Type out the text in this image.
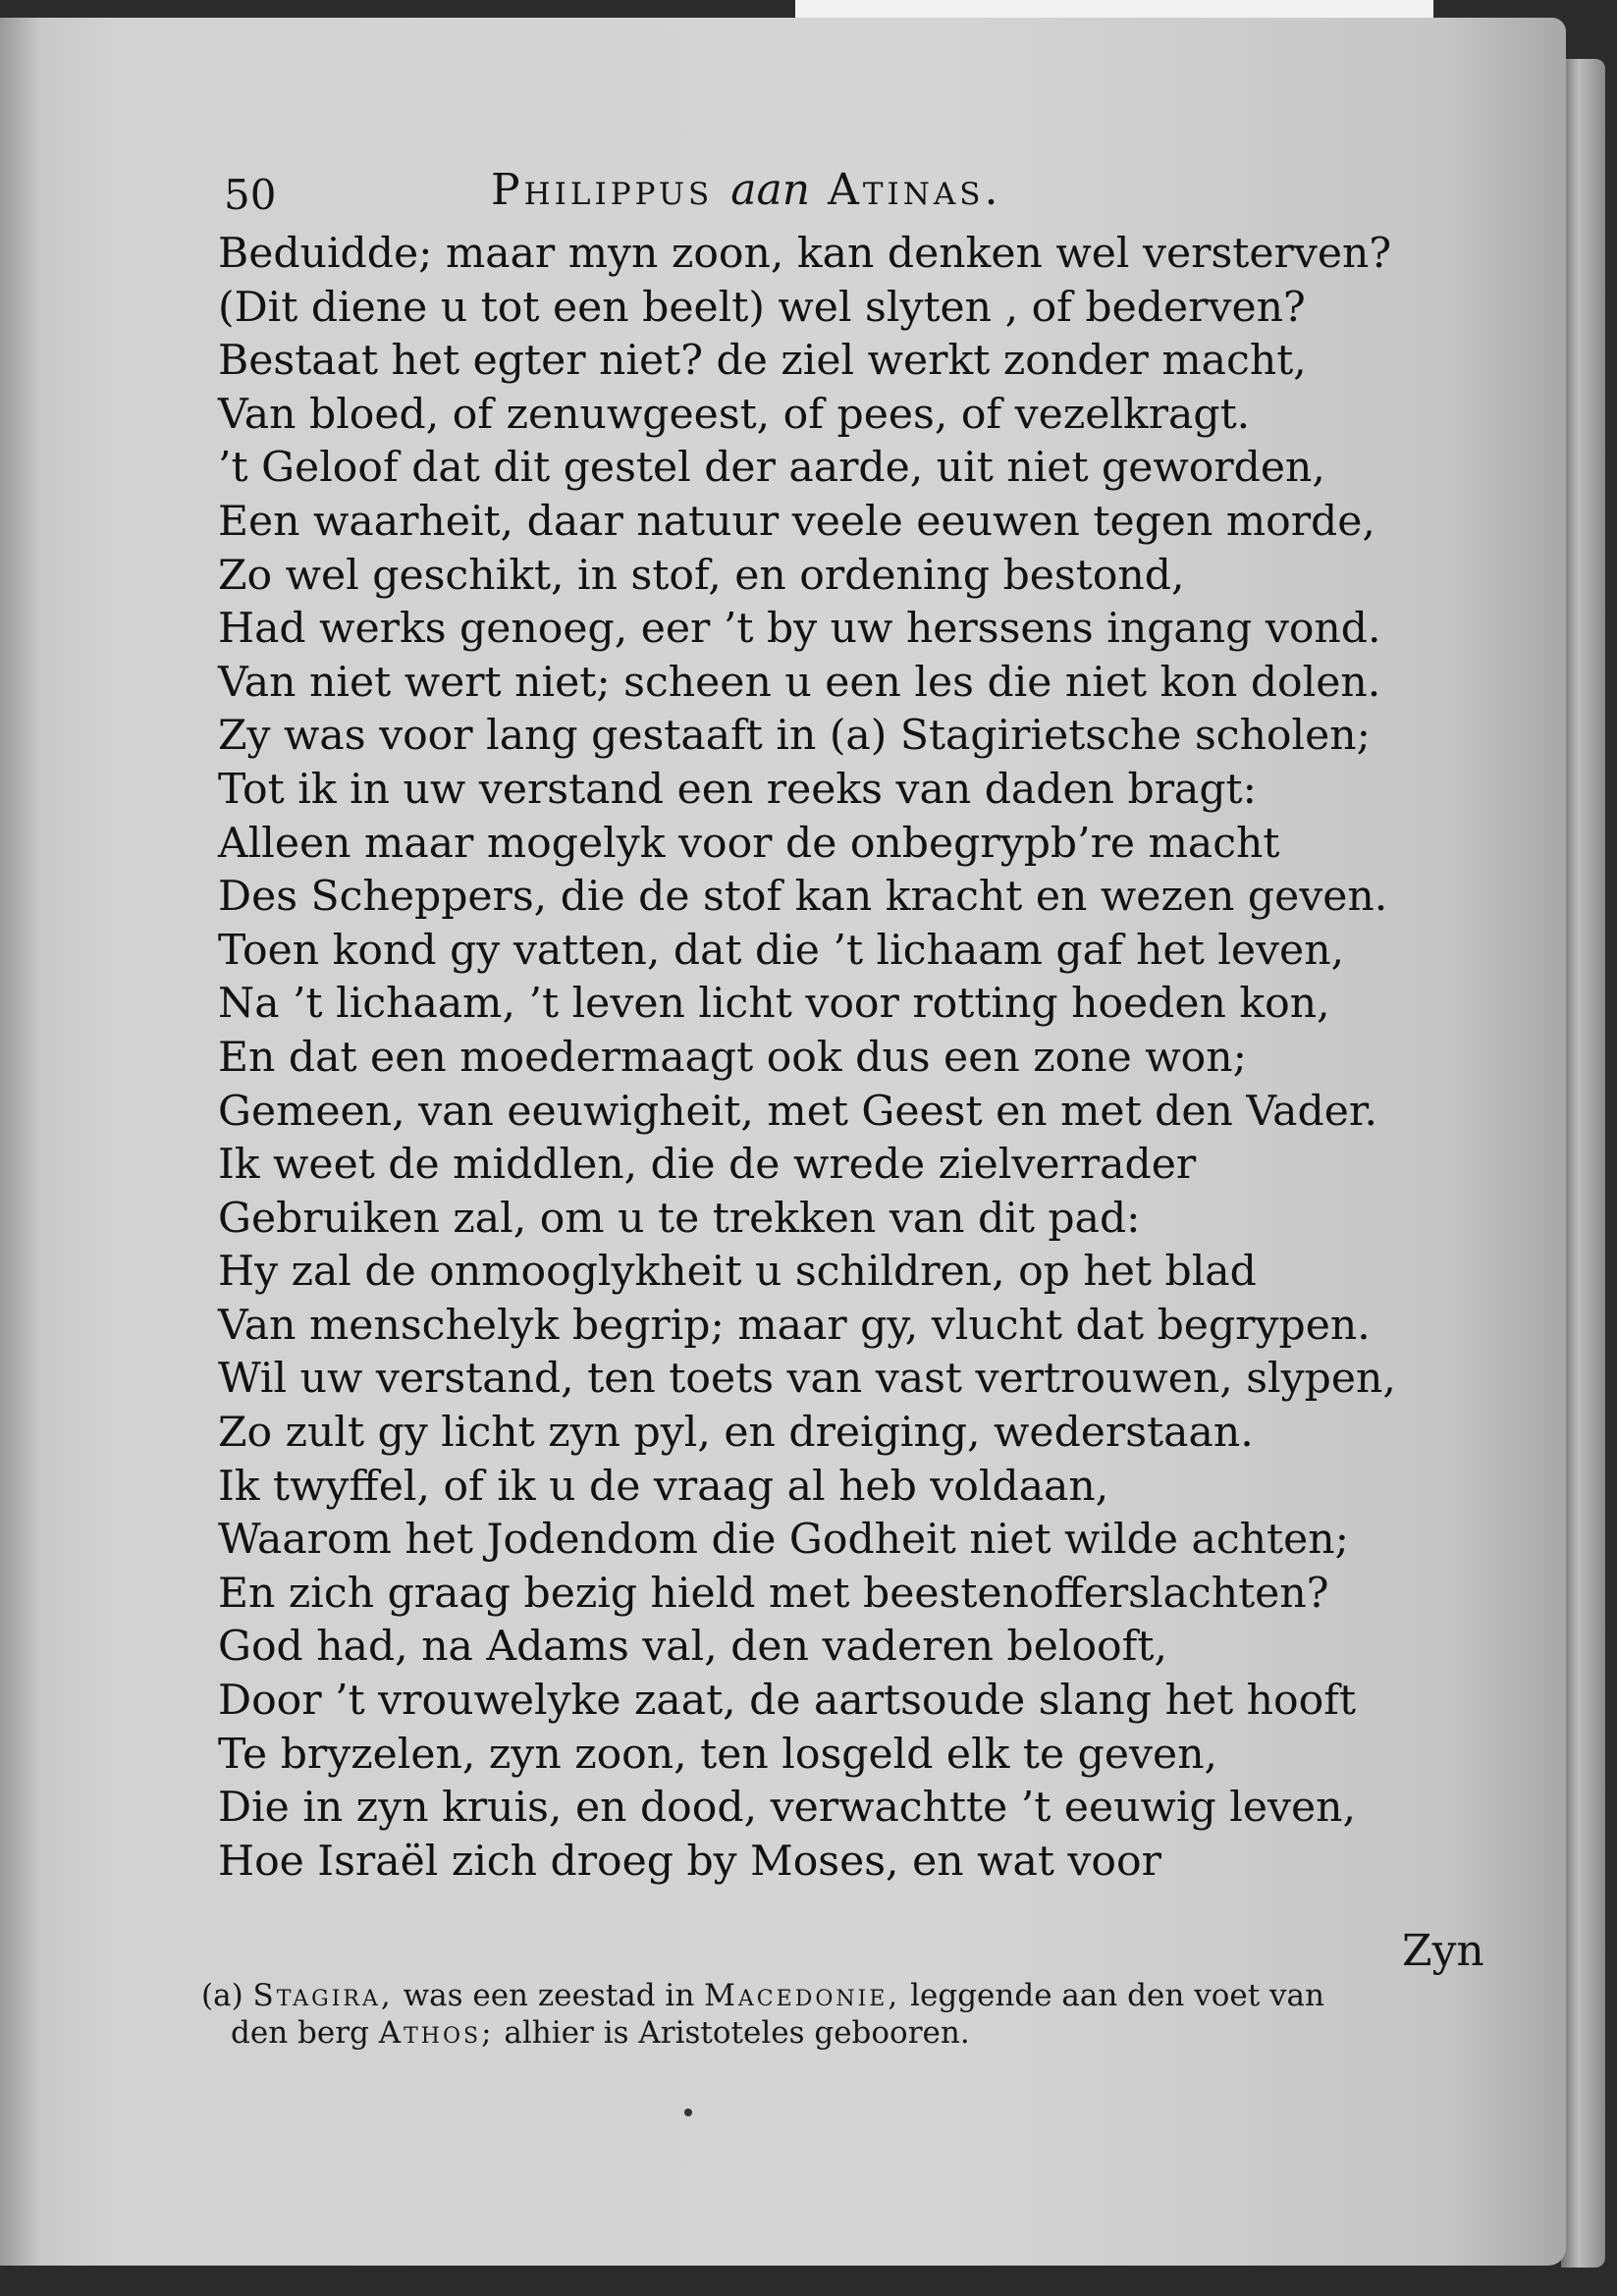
50	Philippus aan Atinas.
Beduidde; maar myn zoon, kan denken wel versterven?
(Dit diene u tot een beelt) wel slyten , of bederven?
Bestaat het egter niet? de ziel werkt zonder macht,
Van bloed, of zenuwgeest, of pees, of vezelkragt.
’t Geloof dat dit gestel der aarde, uit niet geworden,
Een waarheit, daar natuur veele eeuwen tegen morde,
Zo wel geschikt, in stof, en ordening bestond,
Had werks genoeg, eer ’t by uw herssens ingang vond.
Van niet wert niet; scheen u een les die niet kon dolen.
Zy was voor lang gestaaft in (a) Stagirietsche scholen;
Tot ik in uw verstand een reeks van daden bragt:
Alleen maar mogelyk voor de onbegrypb’re macht
Des Scheppers, die de stof kan kracht en wezen geven.
Toen kond gy vatten, dat die ’t lichaam gaf het leven,
Na ’t lichaam, ’t leven licht voor rotting hoeden kon,
En dat een moedermaagt ook dus een zone won;
Gemeen, van eeuwigheit, met Geest en met den Vader.
Ik weet de middlen, die de wrede zielverrader
Gebruiken zal, om u te trekken van dit pad:
Hy zal de onmooglykheit u schildren, op het blad
Van menschelyk begrip; maar gy, vlucht dat begrypen.
Wil uw verstand, ten toets van vast vertrouwen, slypen,
Zo zult gy licht zyn pyl, en dreiging, wederstaan.
Ik twyffel, of ik u de vraag al heb voldaan,
Waarom het Jodendom die Godheit niet wilde achten;
En zich graag bezig hield met beestenofferslachten?
God had, na Adams val, den vaderen belooft,
Door ’t vrouwelyke zaat, de aartsoude slang het hooft
Te bryzelen, zyn zoon, ten losgeld elk te geven,
Die in zyn kruis, en dood, verwachtte ’t eeuwig leven,
Hoe Israël zich droeg by Moses, en wat voor
Zyn
(a) Stagira, was een zeestad in Macedonie, leggende aan den voet van
den berg Athos; alhier is Aristoteles gebooren.
